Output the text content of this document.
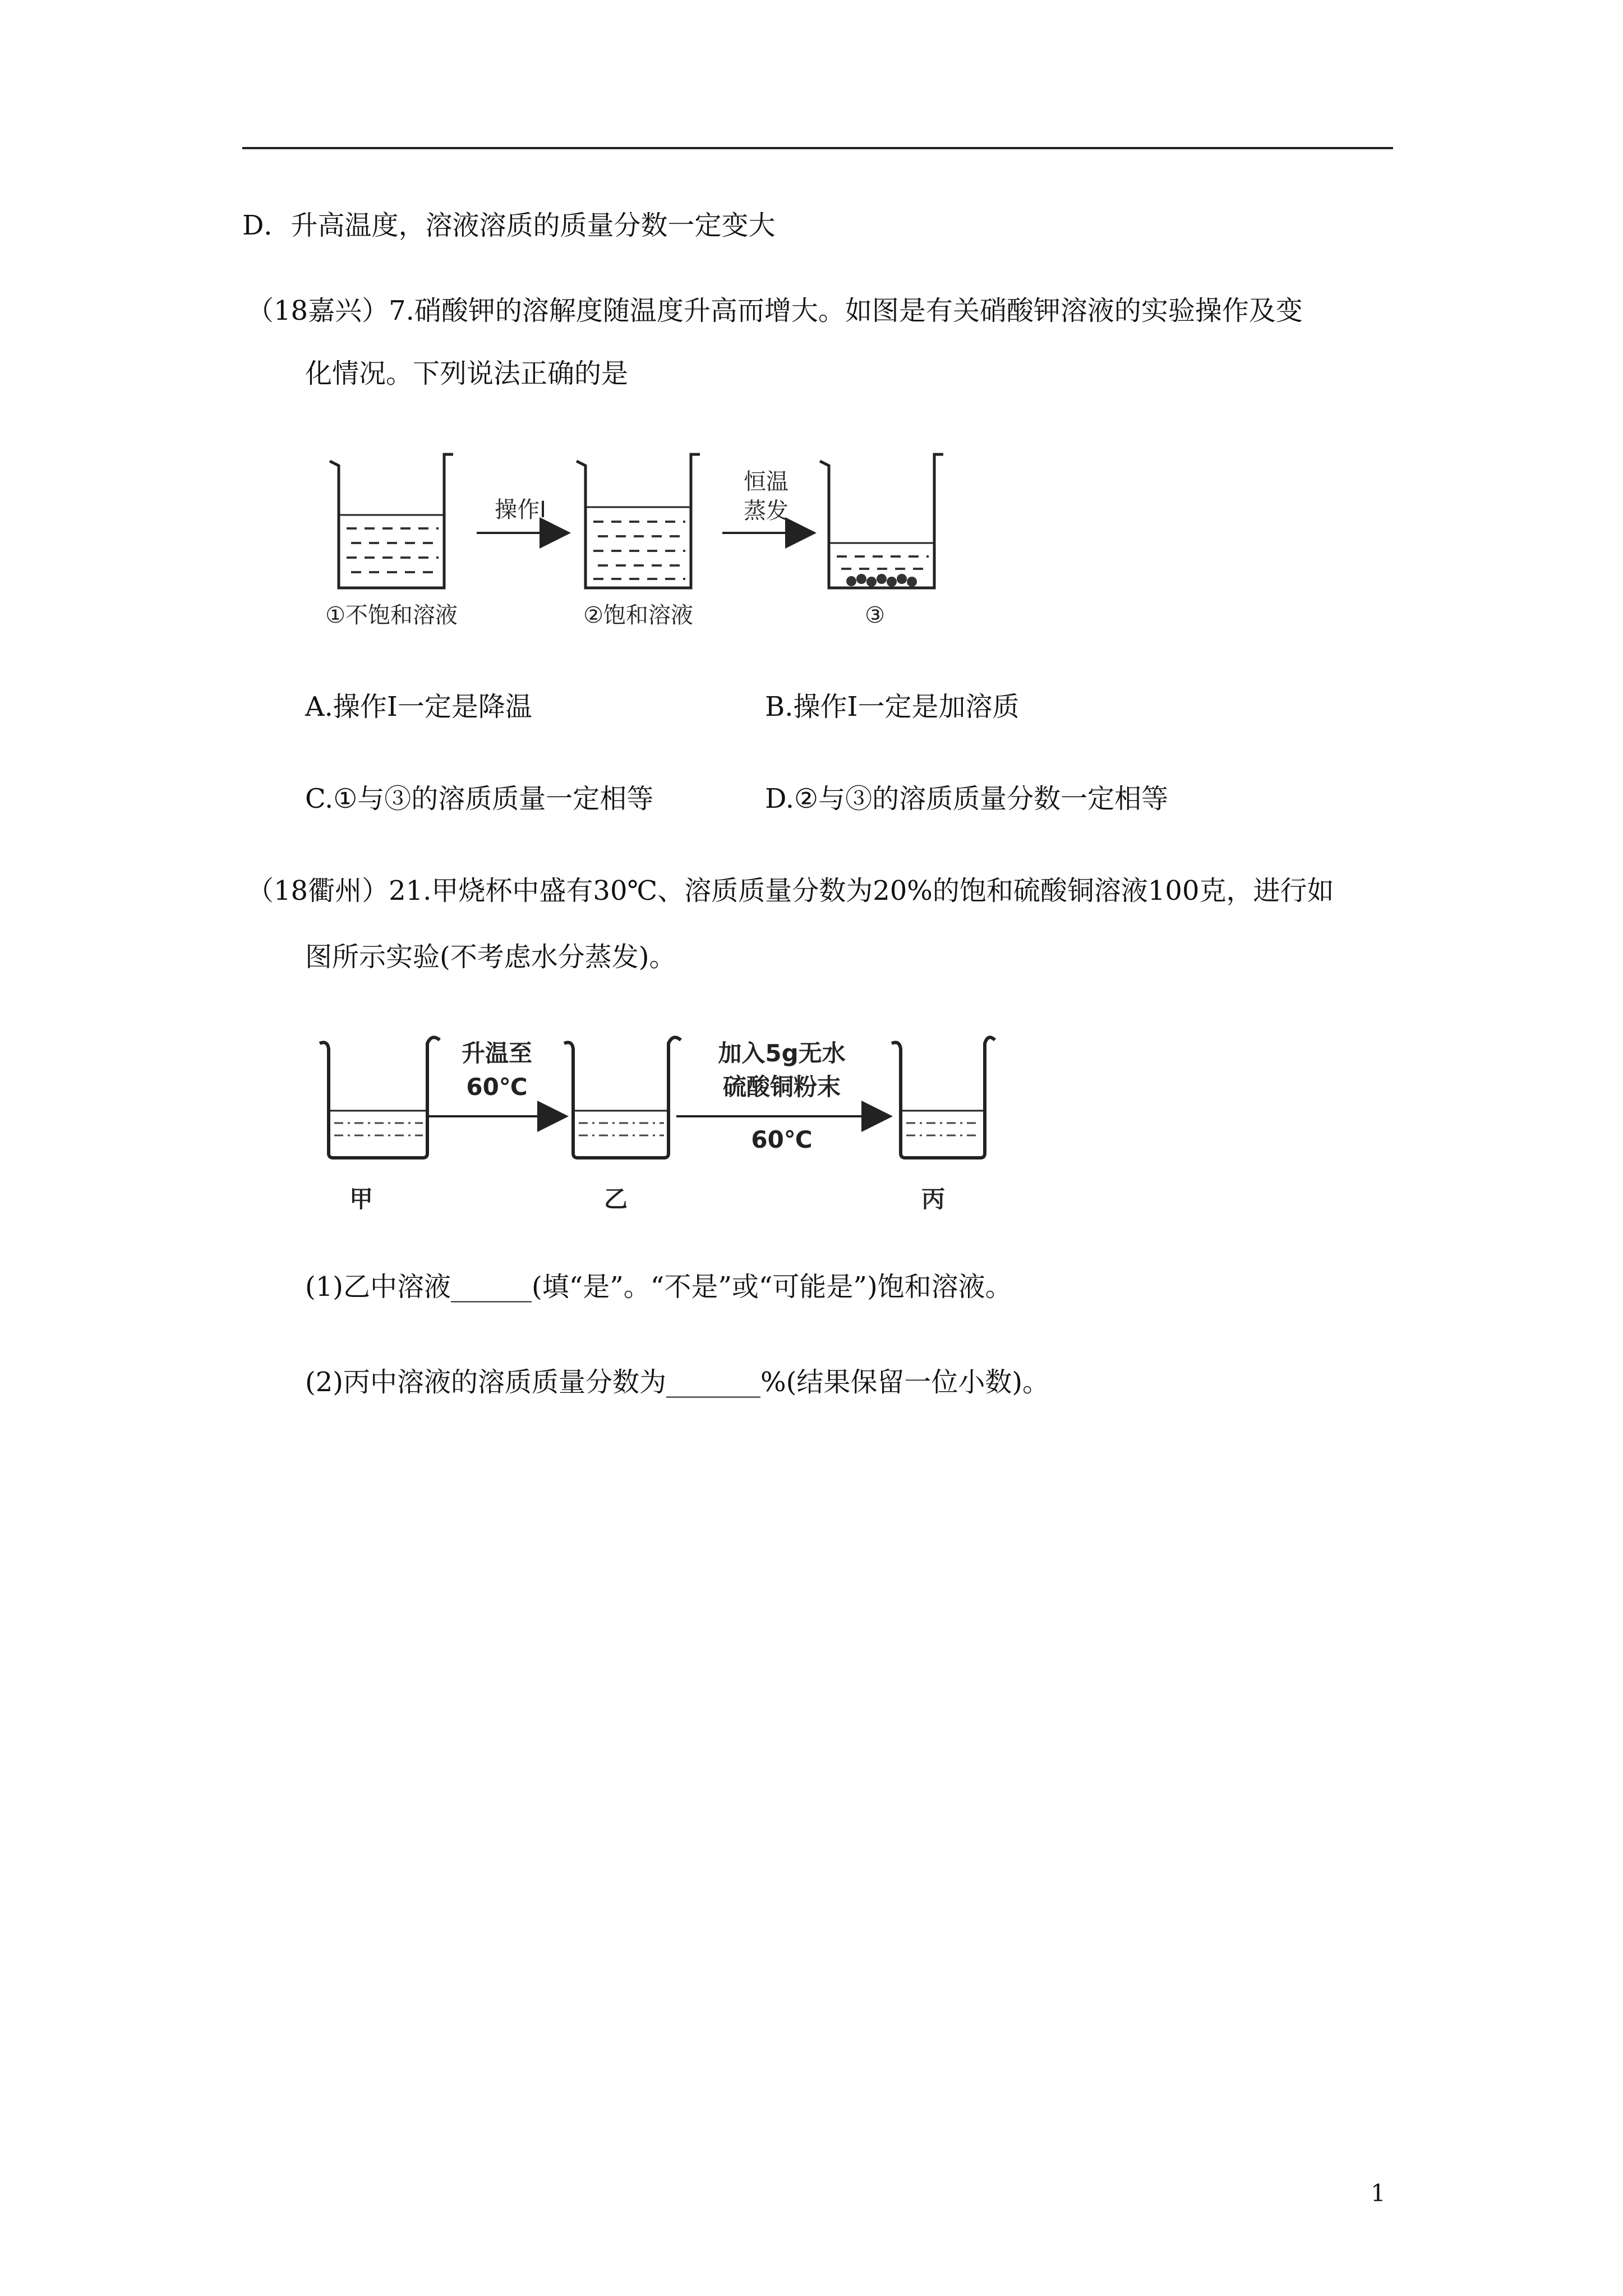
D．升高温度，溶液溶质的质量分数一定变大
（18嘉兴）7.硝酸钾的溶解度随温度升高而增大。如图是有关硝酸钾溶液的实验操作及变
化情况。下列说法正确的是
①不饱和溶液
操作Ⅰ
②饱和溶液
恒温
蒸发
③
A.操作Ⅰ一定是降温	B.操作Ⅰ一定是加溶质
C.①与③的溶质质量一定相等	D.②与③的溶质质量分数一定相等
（18衢州）21.甲烧杯中盛有30℃、溶质质量分数为20%的饱和硫酸铜溶液100克，进行如
图所示实验(不考虑水分蒸发)。
甲
升温至
60℃
乙
加入5g无水
硫酸铜粉末
60℃
丙
(1)乙中溶液______(填“是”。“不是”或“可能是”)饱和溶液。
(2)丙中溶液的溶质质量分数为_______%(结果保留一位小数)。
1
